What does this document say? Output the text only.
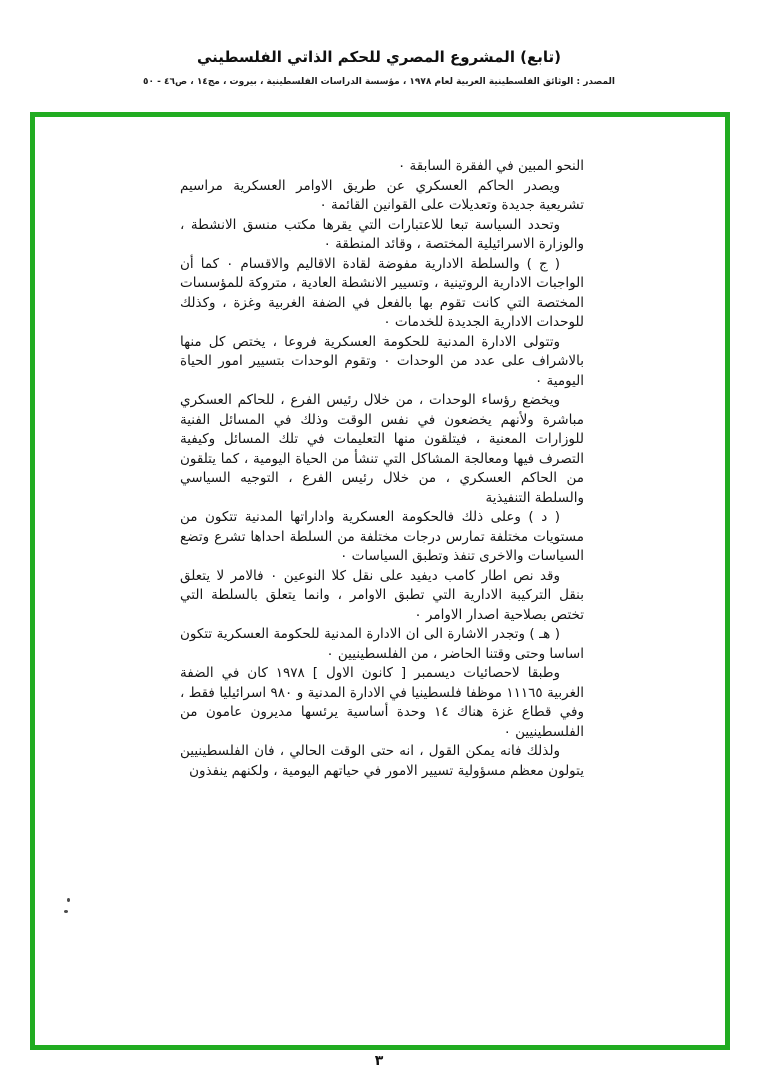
(تابع) المشروع المصري للحكم الذاتي الفلسطيني
المصدر : الوثائق الفلسطينية العربية لعام ١٩٧٨ ، مؤسسة الدراسات الفلسطينية ، بيروت ، مج١٤ ، ص٤٦ - ٥٠

النحو المبين في الفقرة السابقة ٠

ويصدر الحاكم العسكري عن طريق الاوامر العسكرية مراسيم تشريعية جديدة وتعديلات على القوانين القائمة ٠

وتحدد السياسة تبعا للاعتبارات التي يقرها مكتب منسق الانشطة ، والوزارة الاسرائيلية المختصة ، وقائد المنطقة ٠

( ج ) والسلطة الادارية مفوضة لقادة الاقاليم والاقسام ٠ كما أن الواجبات الادارية الروتينية ، وتسيير الانشطة العادية ، متروكة للمؤسسات المختصة التي كانت تقوم بها بالفعل في الضفة الغربية وغزة ، وكذلك للوحدات الادارية الجديدة للخدمات ٠

وتتولى الادارة المدنية للحكومة العسكرية فروعا ، يختص كل منها بالاشراف على عدد من الوحدات ٠ وتقوم الوحدات بتسيير امور الحياة اليومية ٠

ويخضع رؤساء الوحدات ، من خلال رئيس الفرع ، للحاكم العسكري مباشرة ولأنهم يخضعون في نفس الوقت وذلك في المسائل الفنية للوزارات المعنية ، فيتلقون منها التعليمات في تلك المسائل وكيفية التصرف فيها ومعالجة المشاكل التي تنشأ من الحياة اليومية ، كما يتلقون من الحاكم العسكري ، من خلال رئيس الفرع ، التوجيه السياسي والسلطة التنفيذية

( د ) وعلى ذلك فالحكومة العسكرية واداراتها المدنية تتكون من مستويات مختلفة تمارس درجات مختلفة من السلطة احداها تشرع وتضع السياسات والاخرى تنفذ وتطبق السياسات ٠

وقد نص اطار كامب ديفيد على نقل كلا النوعين ٠ فالامر لا يتعلق بنقل التركيبة الادارية التي تطبق الاوامر ، وانما يتعلق بالسلطة التي تختص بصلاحية اصدار الاوامر ٠

( هـ ) وتجدر الاشارة الى ان الادارة المدنية للحكومة العسكرية تتكون اساسا وحتى وقتنا الحاضر ، من الفلسطينيين ٠

وطبقا لاحصائيات ديسمبر [ كانون الاول ] ١٩٧٨ كان في الضفة الغربية ١١١٦٥ موظفا فلسطينيا في الادارة المدنية و ٩٨٠ اسرائيليا فقط ، وفي قطاع غزة هناك ١٤ وحدة أساسية يرئسها مديرون عامون من الفلسطينيين ٠

ولذلك فانه يمكن القول ، انه حتى الوقت الحالي ، فان الفلسطينيين يتولون معظم مسؤولية تسيير الامور في حياتهم اليومية ، ولكنهم ينفذون

٣
